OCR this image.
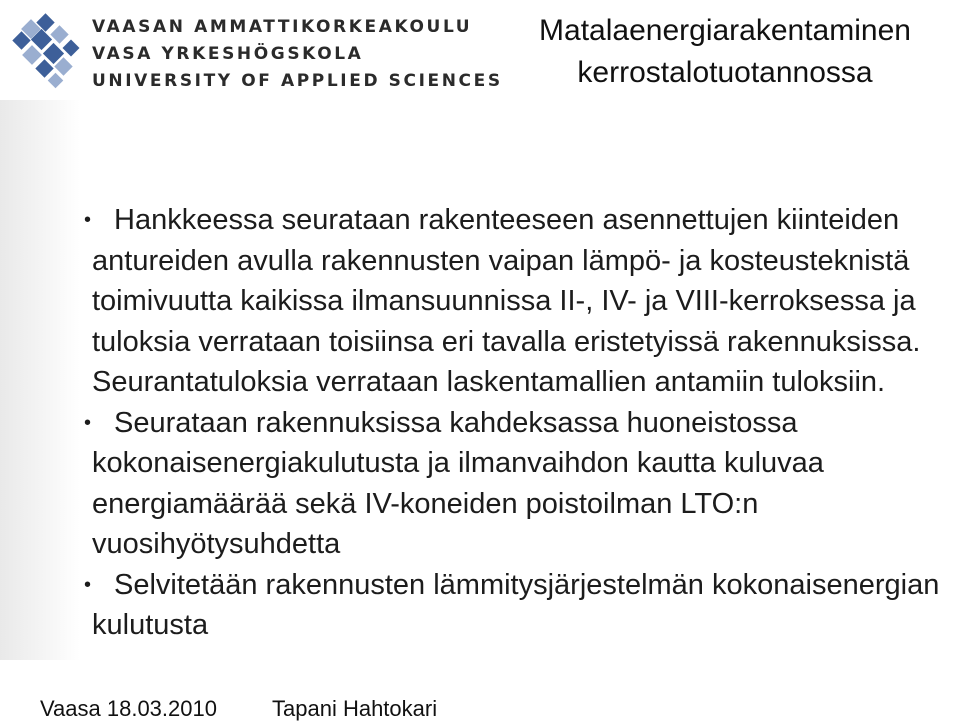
VAASAN AMMATTIKORKEAKOULU
VASA YRKESHÖGSKOLA
UNIVERSITY OF APPLIED SCIENCES
Matalaenergiarakentaminen
kerrostalotuotannossa

• Hankkeessa seurataan rakenteeseen asennettujen kiinteiden antureiden avulla rakennusten vaipan lämpö- ja kosteusteknistä toimivuutta kaikissa ilmansuunnissa II-, IV- ja VIII-kerroksessa ja tuloksia verrataan toisiinsa eri tavalla eristetyissä rakennuksissa. Seurantatuloksia verrataan laskentamallien antamiin tuloksiin.

• Seurataan rakennuksissa kahdeksassa huoneistossa kokonaisenergiakulutusta ja ilmanvaihdon kautta kuluvaa energiamäärää sekä IV-koneiden poistoilman LTO:n vuosihyötysuhdetta

• Selvitetään rakennusten lämmitysjärjestelmän kokonaisenergian kulutusta

Vaasa 18.03.2010	Tapani Hahtokari
